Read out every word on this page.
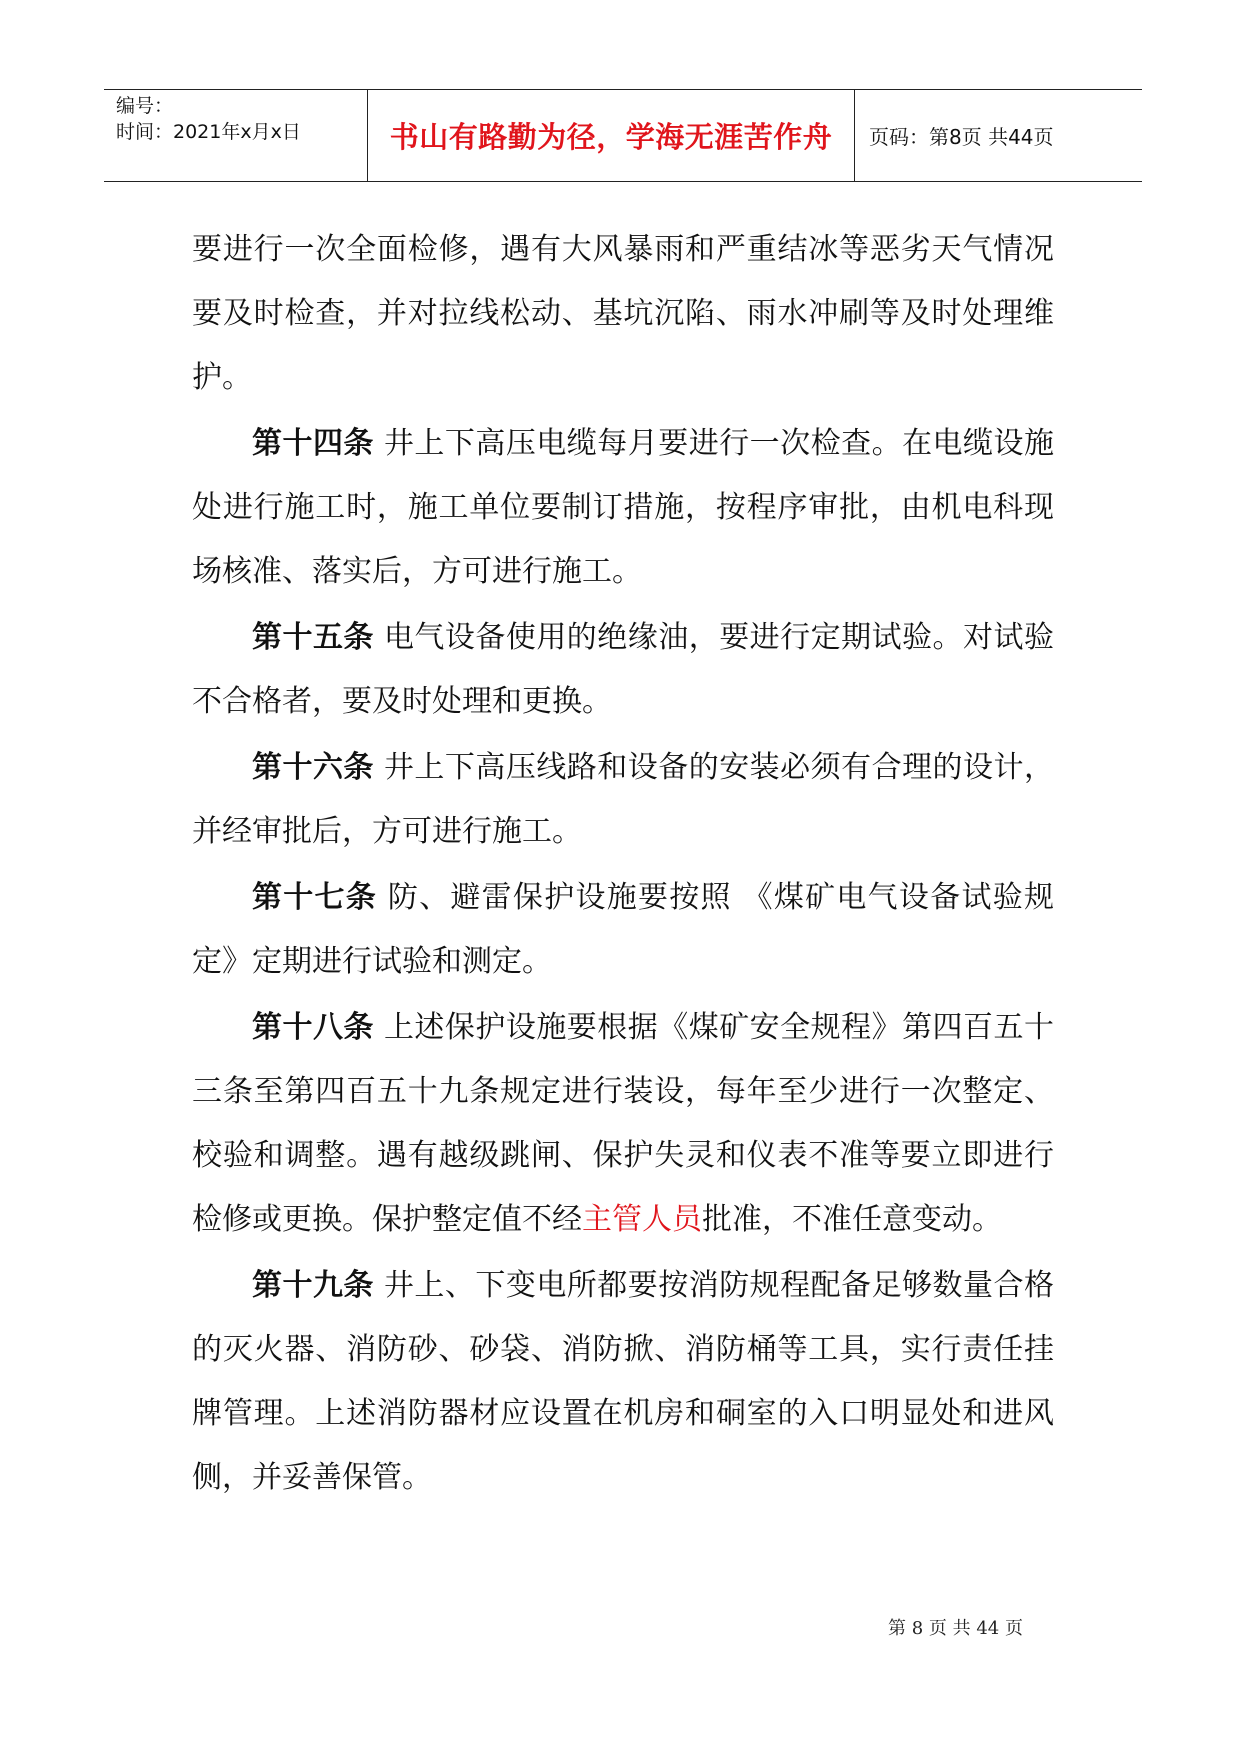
编号：
时间：2021年x月x日	书山有路勤为径，学海无涯苦作舟 页码：第8页 共44页

要进行一次全面检修，遇有大风暴雨和严重结冰等恶劣天气情况要及时检查，并对拉线松动、基坑沉陷、雨水冲刷等及时处理维护。

第十四条 井上下高压电缆每月要进行一次检查。在电缆设施处进行施工时，施工单位要制订措施，按程序审批，由机电科现场核准、落实后，方可进行施工。

第十五条 电气设备使用的绝缘油，要进行定期试验。对试验不合格者，要及时处理和更换。

第十六条 井上下高压线路和设备的安装必须有合理的设计，并经审批后，方可进行施工。

第十七条 防、避雷保护设施要按照 《煤矿电气设备试验规定》定期进行试验和测定。

第十八条 上述保护设施要根据《煤矿安全规程》第四百五十三条至第四百五十九条规定进行装设，每年至少进行一次整定、校验和调整。遇有越级跳闸、保护失灵和仪表不准等要立即进行检修或更换。保护整定值不经主管人员批准，不准任意变动。

第十九条 井上、下变电所都要按消防规程配备足够数量合格的灭火器、消防砂、砂袋、消防掀、消防桶等工具，实行责任挂牌管理。上述消防器材应设置在机房和硐室的入口明显处和进风侧，并妥善保管。

第 8 页 共 44 页
